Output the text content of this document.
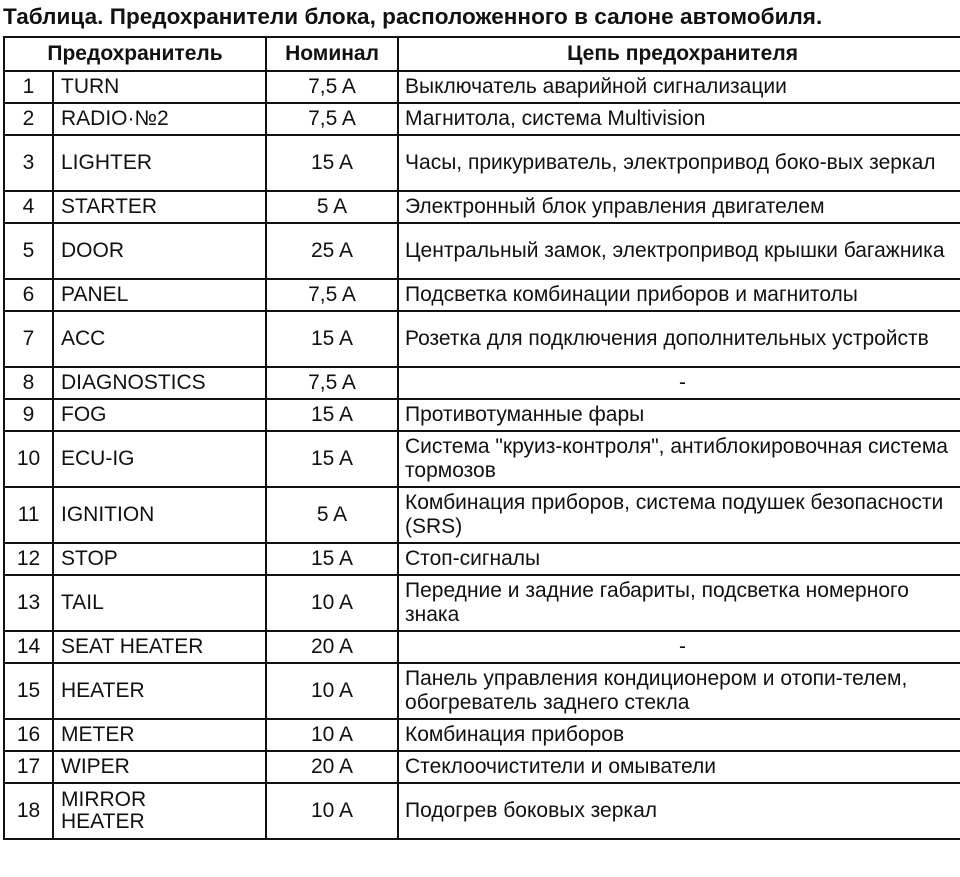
Таблица. Предохранители блока, расположенного в салоне автомобиля.
Предохранитель		Номинал	Цепь предохранителя
1	TURN	7,5 A	Выключатель аварийной сигнализации
2	RADIO·№2	7,5 A	Магнитола, система Multivision
3	LIGHTER	15 A	Часы, прикуриватель, электропривод боко-вых зеркал
4	STARTER	5 A	Электронный блок управления двигателем
5	DOOR	25 A	Центральный замок, электропривод крышки багажника
6	PANEL	7,5 A	Подсветка комбинации приборов и магнитолы
7	ACC	15 A	Розетка для подключения дополнительных устройств
8	DIAGNOSTICS	7,5 A	-
9	FOG	15 A	Противотуманные фары
10	ECU-IG	15 A	Система "круиз-контроля", антиблокировочная система тормозов
11	IGNITION	5 A	Комбинация приборов, система подушек безопасности (SRS)
12	STOP	15 A	Стоп-сигналы
13	TAIL	10 A	Передние и задние габариты, подсветка номерного знака
14	SEAT HEATER	20 A	-
15	HEATER	10 A	Панель управления кондиционером и отопи-телем, обогреватель заднего стекла
16	METER	10 A	Комбинация приборов
17	WIPER	20 A	Стеклоочистители и омыватели
18	MIRROR HEATER	10 A	Подогрев боковых зеркал
